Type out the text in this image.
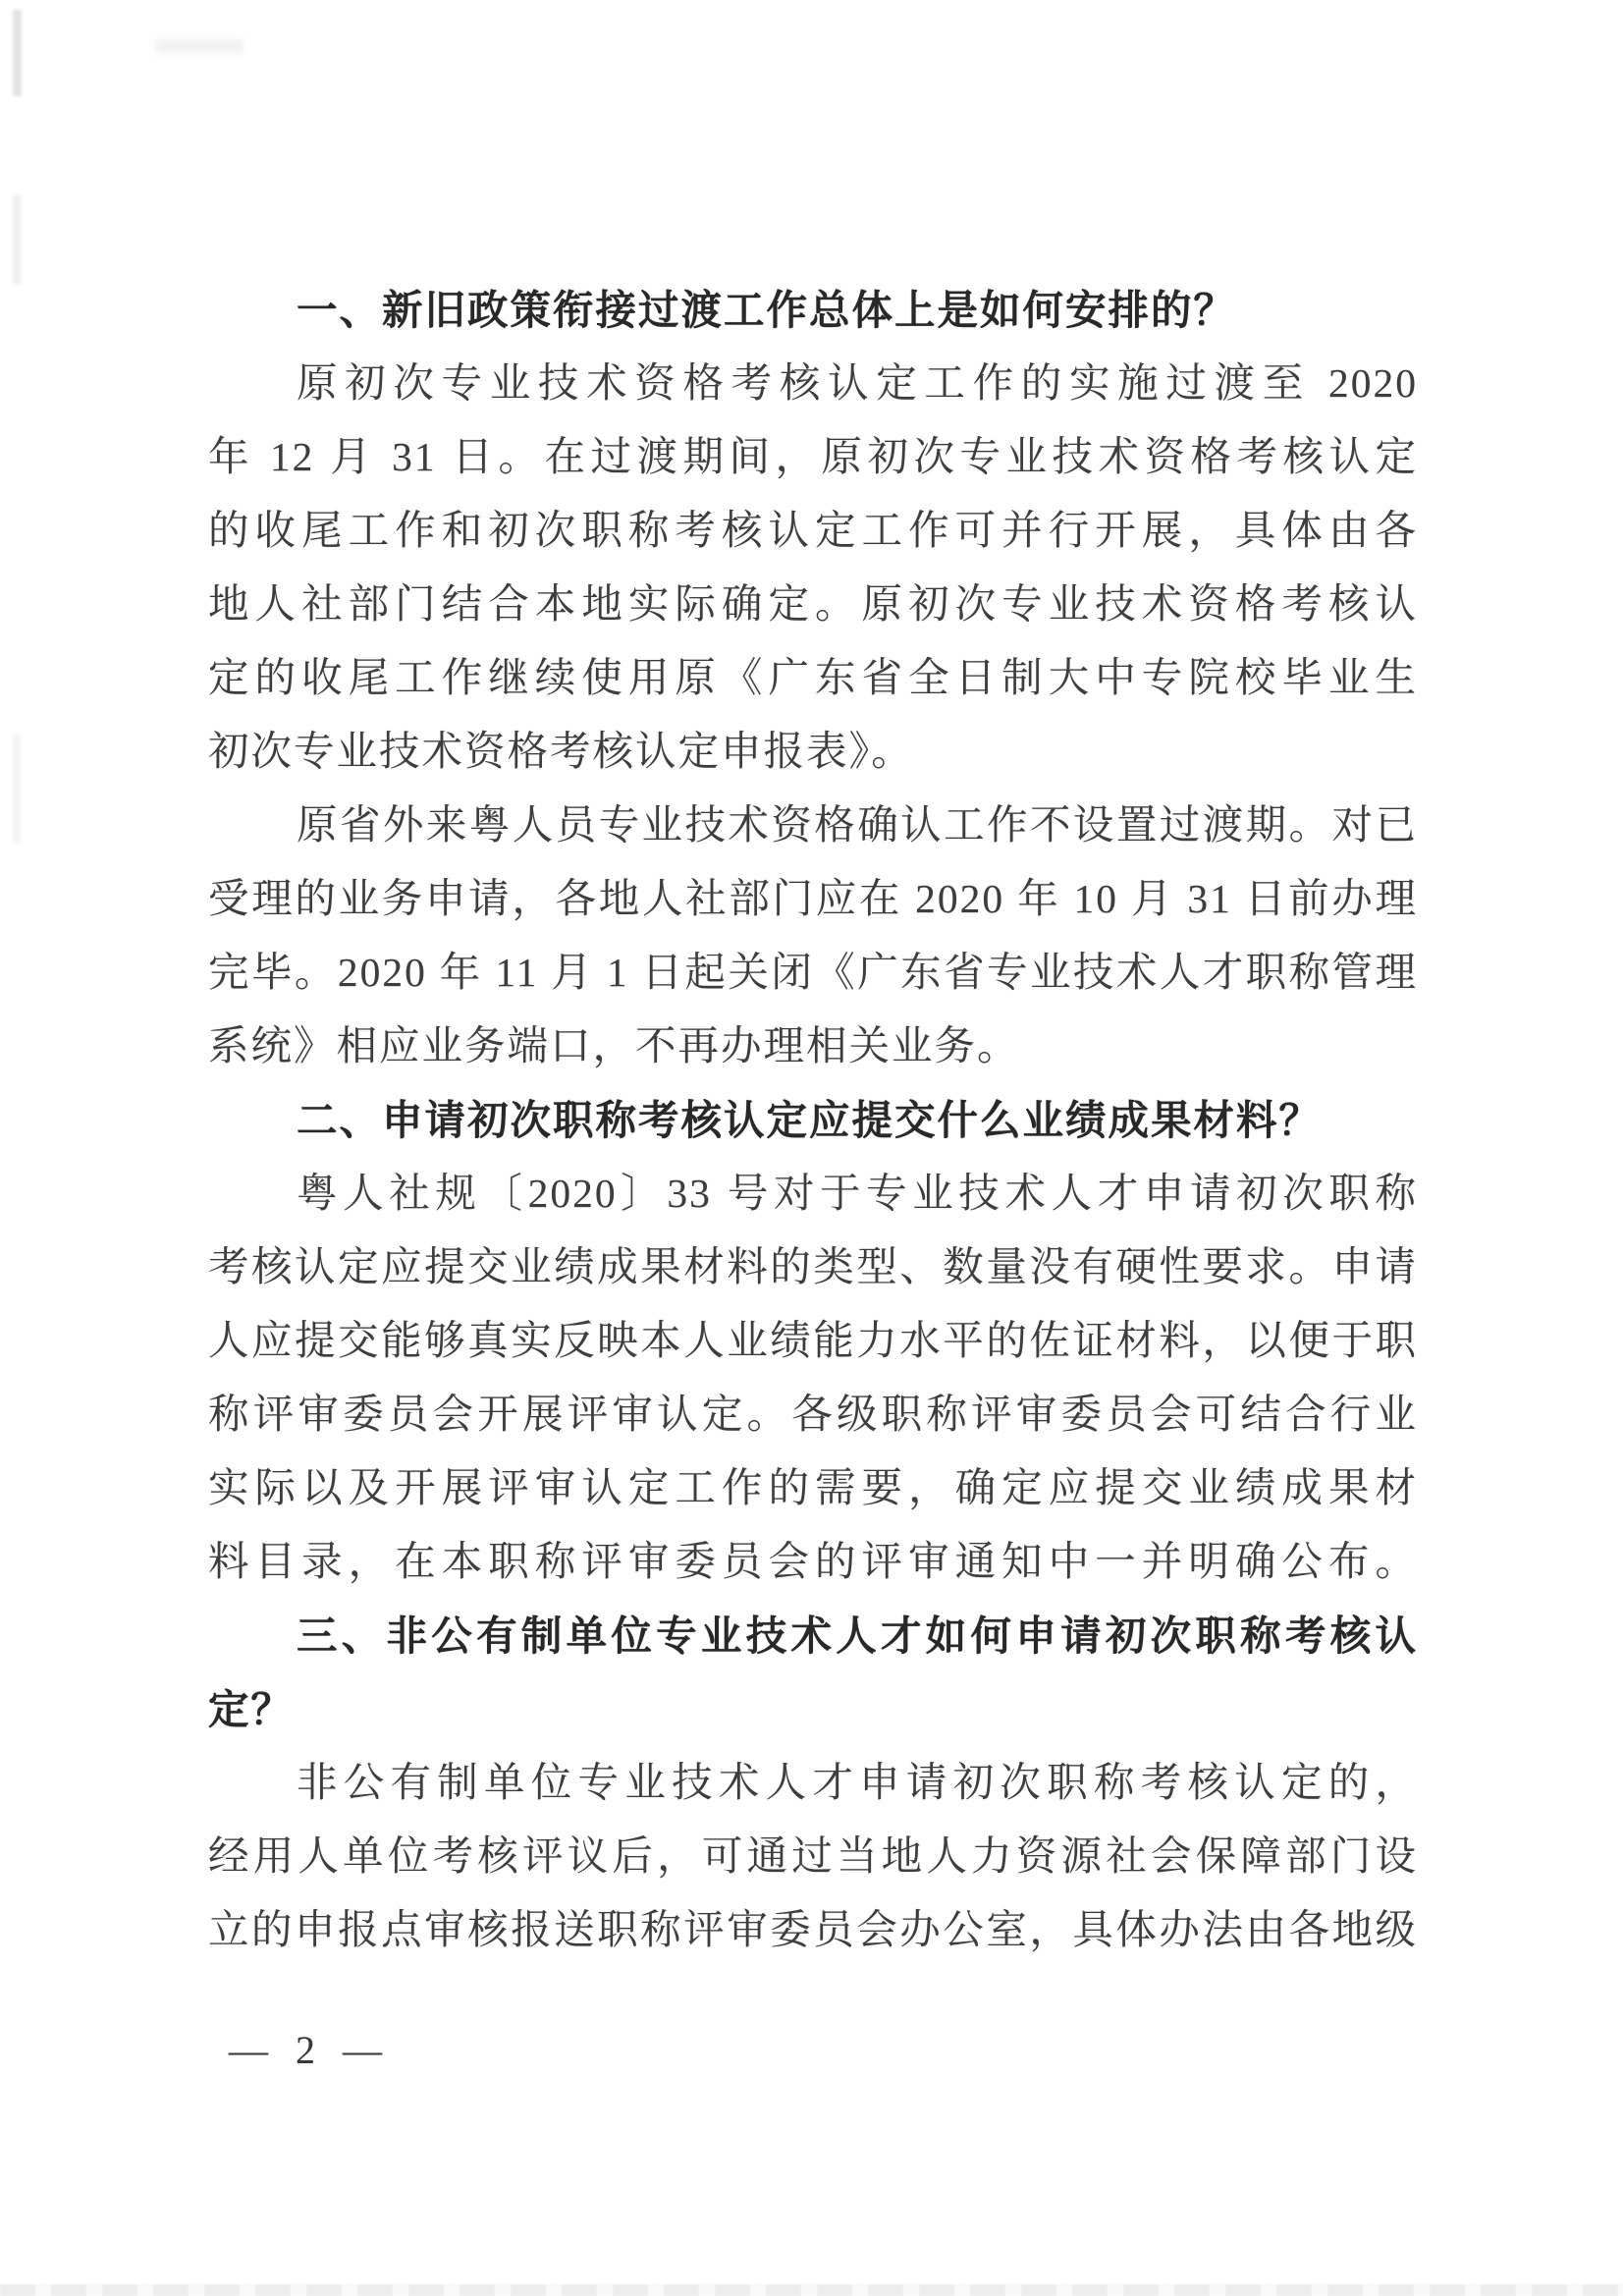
一、新旧政策衔接过渡工作总体上是如何安排的？
原初次专业技术资格考核认定工作的实施过渡至 2020
年 12 月 31 日。在过渡期间，原初次专业技术资格考核认定
的收尾工作和初次职称考核认定工作可并行开展，具体由各
地人社部门结合本地实际确定。原初次专业技术资格考核认
定的收尾工作继续使用原《广东省全日制大中专院校毕业生
初次专业技术资格考核认定申报表》。
原省外来粤人员专业技术资格确认工作不设置过渡期。对已
受理的业务申请，各地人社部门应在 2020 年 10 月 31 日前办理
完毕。2020 年 11 月 1 日起关闭《广东省专业技术人才职称管理
系统》相应业务端口，不再办理相关业务。
二、申请初次职称考核认定应提交什么业绩成果材料？
粤人社规〔2020〕33 号对于专业技术人才申请初次职称
考核认定应提交业绩成果材料的类型、数量没有硬性要求。申请
人应提交能够真实反映本人业绩能力水平的佐证材料，以便于职
称评审委员会开展评审认定。各级职称评审委员会可结合行业
实际以及开展评审认定工作的需要，确定应提交业绩成果材
料目录，在本职称评审委员会的评审通知中一并明确公布。
三、非公有制单位专业技术人才如何申请初次职称考核认
定？
非公有制单位专业技术人才申请初次职称考核认定的，
经用人单位考核评议后，可通过当地人力资源社会保障部门设
立的申报点审核报送职称评审委员会办公室，具体办法由各地级
— 2 —
